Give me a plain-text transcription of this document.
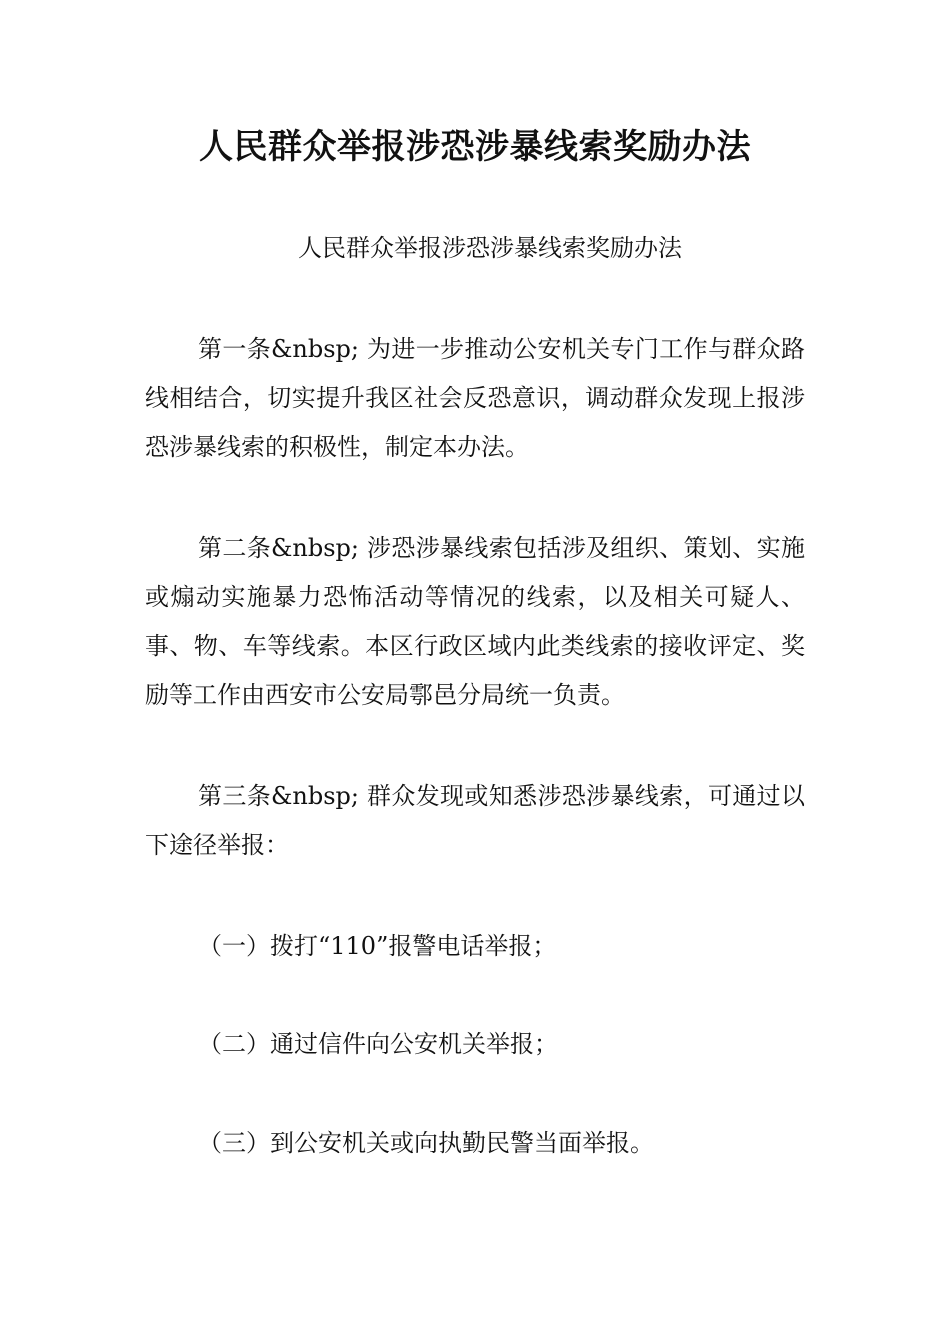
人民群众举报涉恐涉暴线索奖励办法
人民群众举报涉恐涉暴线索奖励办法
第一条&nbsp; 为进一步推动公安机关专门工作与群众路线相结合，切实提升我区社会反恐意识，调动群众发现上报涉恐涉暴线索的积极性，制定本办法。
第二条&nbsp; 涉恐涉暴线索包括涉及组织、策划、实施或煽动实施暴力恐怖活动等情况的线索，以及相关可疑人、事、物、车等线索。本区行政区域内此类线索的接收评定、奖励等工作由西安市公安局鄠邑分局统一负责。
第三条&nbsp; 群众发现或知悉涉恐涉暴线索，可通过以下途径举报：
（一）拨打“110”报警电话举报；
（二）通过信件向公安机关举报；
（三）到公安机关或向执勤民警当面举报。
